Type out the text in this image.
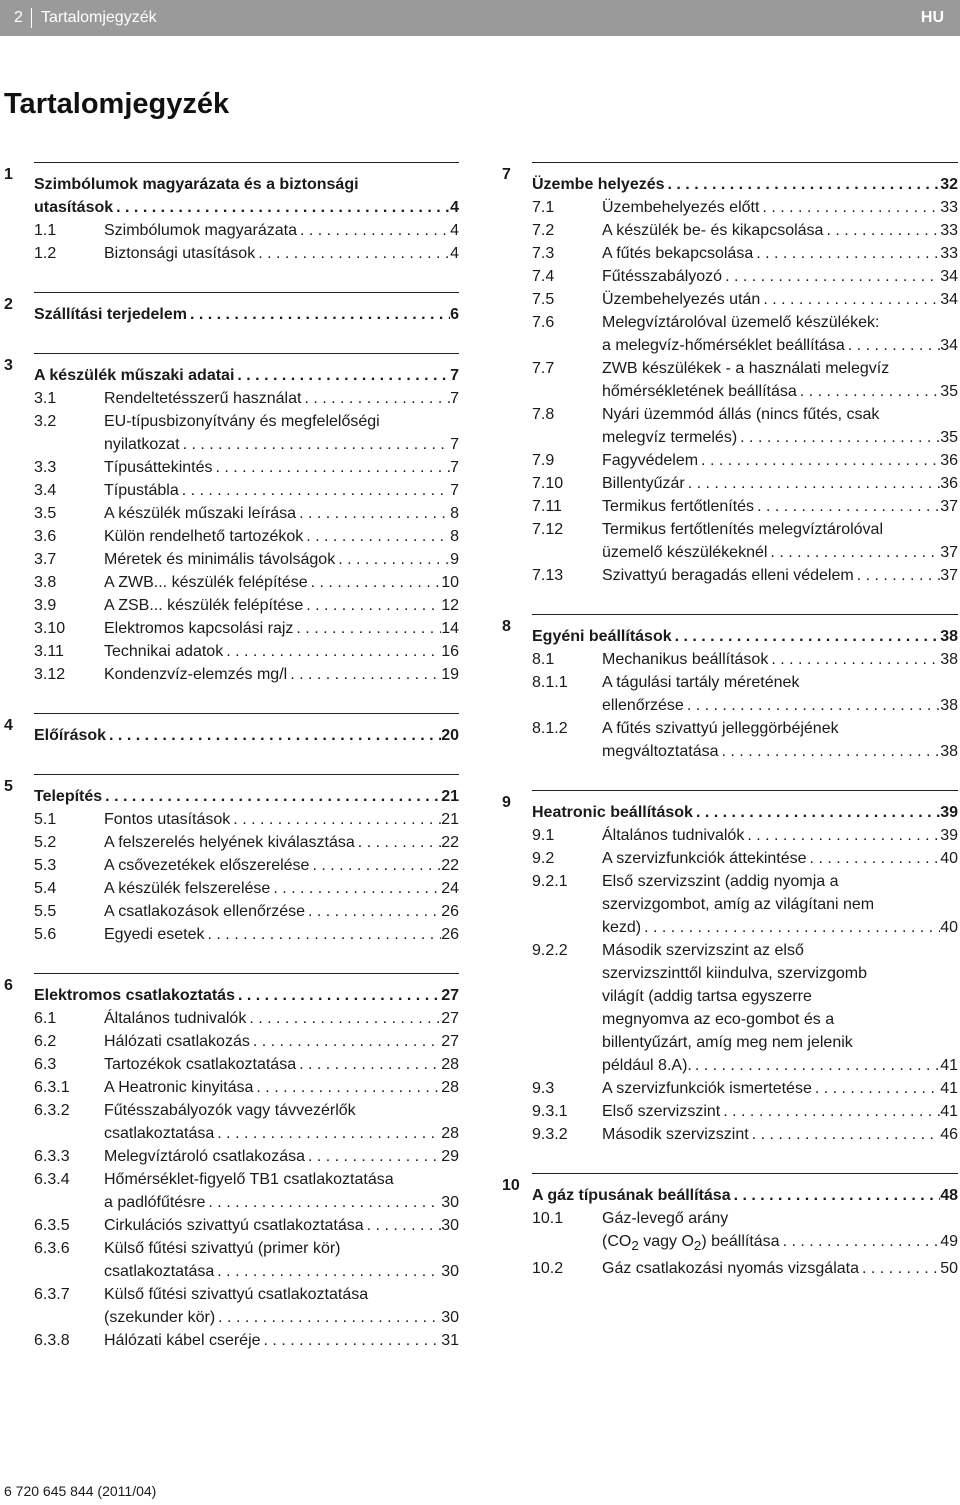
2 Tartalomjegyzék	HU
Tartalomjegyzék
1
Szimbólumok magyarázata és a biztonsági
utasítások . . .	4
1.1	Szimbólumok magyarázata . . .	4
1.2	Biztonsági utasítások . . .	4
2
Szállítási terjedelem . . .	6
3
A készülék műszaki adatai . . .	7
3.1	Rendeltetésszerű használat . . .	7
3.2	EU-típusbizonyítvány és megfelelőségi
nyilatkozat . . .	7
3.3	Típusáttekintés . . .	7
3.4	Típustábla . . .	7
3.5	A készülék műszaki leírása . . .	8
3.6	Külön rendelhető tartozékok . . .	8
3.7	Méretek és minimális távolságok . . .	9
3.8	A ZWB... készülék felépítése . . .	10
3.9	A ZSB... készülék felépítése . . .	12
3.10 Elektromos kapcsolási rajz . . .	14
3.11	Technikai adatok . . .	16
3.12 Kondenzvíz-elemzés mg/l . . .	19
4
Előírások . . .	20
5
Telepítés . . .	21
5.1	Fontos utasítások . . .	21
5.2	A felszerelés helyének kiválasztása . . .	22
5.3	A csővezetékek előszerelése . . .	22
5.4	A készülék felszerelése . . .	24
5.5	A csatlakozások ellenőrzése . . .	26
5.6	Egyedi esetek . . .	26
6
Elektromos csatlakoztatás . . .	27
6.1	Általános tudnivalók . . .	27
6.2	Hálózati csatlakozás . . .	27
6.3	Tartozékok csatlakoztatása . . .	28
6.3.1 A Heatronic kinyitása . . .	28
6.3.2 Fűtésszabályozók vagy távvezérlők
csatlakoztatása . . .	28
6.3.3 Melegvíztároló csatlakozása . . .	29
6.3.4 Hőmérséklet-figyelő TB1 csatlakoztatása
a padlófűtésre . . .	30
6.3.5 Cirkulációs szivattyú csatlakoztatása . . .	30
6.3.6 Külső fűtési szivattyú (primer kör)
csatlakoztatása . . .	30
6.3.7 Külső fűtési szivattyú csatlakoztatása
(szekunder kör) . . .	30
6.3.8 Hálózati kábel cseréje . . .	31
7
Üzembe helyezés . . .	32
7.1	Üzembehelyezés előtt . . .	33
7.2	A készülék be- és kikapcsolása . . .	33
7.3	A fűtés bekapcsolása . . .	33
7.4	Fűtésszabályozó . . .	34
7.5	Üzembehelyezés után . . .	34
7.6	Melegvíztárolóval üzemelő készülékek:
a melegvíz-hőmérséklet beállítása . . .	34
7.7	ZWB készülékek - a használati melegvíz
hőmérsékletének beállítása . . .	35
7.8	Nyári üzemmód állás (nincs fűtés, csak
melegvíz termelés) . . .	35
7.9	Fagyvédelem . . .	36
7.10 Billentyűzár . . .	36
7.11	Termikus fertőtlenítés . . .	37
7.12 Termikus fertőtlenítés melegvíztárolóval
üzemelő készülékeknél . . .	37
7.13 Szivattyú beragadás elleni védelem . . .	37
8
Egyéni beállítások . . .	38
8.1	Mechanikus beállítások . . .	38
8.1.1 A tágulási tartály méretének
ellenőrzése . . .	38
8.1.2 A fűtés szivattyú jelleggörbéjének
megváltoztatása . . .	38
9
Heatronic beállítások . . .	39
9.1	Általános tudnivalók . . .	39
9.2	A szervizfunkciók áttekintése . . .	40
9.2.1 Első szervizszint (addig nyomja a
szervizgombot, amíg az világítani nem
kezd) . . .	40
9.2.2 Második szervizszint az első
szervizszinttől kiindulva, szervizgomb
világít (addig tartsa egyszerre
megnyomva az eco-gombot és a
billentyűzárt, amíg meg nem jelenik
például 8.A). . . .	41
9.3	A szervizfunkciók ismertetése . . .	41
9.3.1 Első szervizszint . . .	41
9.3.2 Második szervizszint . . .	46
10
A gáz típusának beállítása . . .	48
10.1 Gáz-levegő arány
($CO_2$ vagy $O_2$) beállítása . . .	49
10.2 Gáz csatlakozási nyomás vizsgálata . . .	50
6 720 645 844 (2011/04)
